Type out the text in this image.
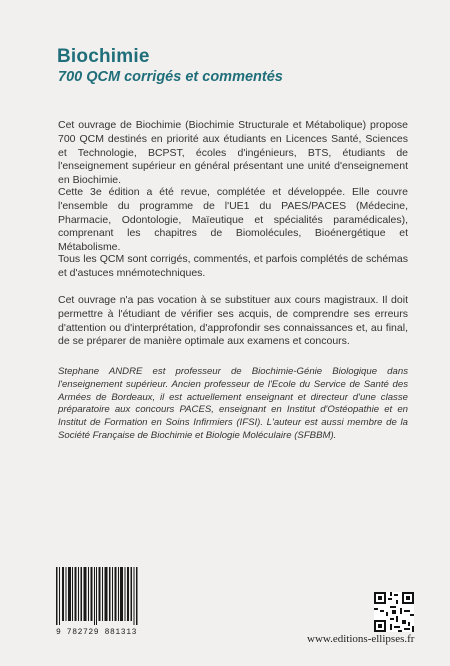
Biochimie
700 QCM corrigés et commentés

Cet ouvrage de Biochimie (Biochimie Structurale et Métabolique) propose 700 QCM destinés en priorité aux étudiants en Licences Santé, Sciences et Technologie, BCPST, écoles d'ingénieurs, BTS, étudiants de l'enseignement supérieur en général présentant une unité d'enseignement en Biochimie.

Cette 3e édition a été revue, complétée et développée. Elle couvre l'ensemble du programme de l'UE1 du PAES/PACES (Médecine, Pharmacie, Odontologie, Maïeutique et spécialités paramédicales), comprenant les chapitres de Biomolécules, Bioénergétique et Métabolisme.

Tous les QCM sont corrigés, commentés, et parfois complétés de schémas et d'astuces mnémotechniques.

Cet ouvrage n'a pas vocation à se substituer aux cours magistraux. Il doit permettre à l'étudiant de vérifier ses acquis, de comprendre ses erreurs d'attention ou d'interprétation, d'approfondir ses connaissances et, au final, de se préparer de manière optimale aux examens et concours.

Stephane ANDRE est professeur de Biochimie-Génie Biologique dans l'enseignement supérieur. Ancien professeur de l'Ecole du Service de Santé des Armées de Bordeaux, il est actuellement enseignant et directeur d'une classe préparatoire aux concours PACES, enseignant en Institut d'Ostéopathie et en Institut de Formation en Soins Infirmiers (IFSI). L'auteur est aussi membre de la Société Française de Biochimie et Biologie Moléculaire (SFBBM).

9 782729 881313
www.editions-ellipses.fr
